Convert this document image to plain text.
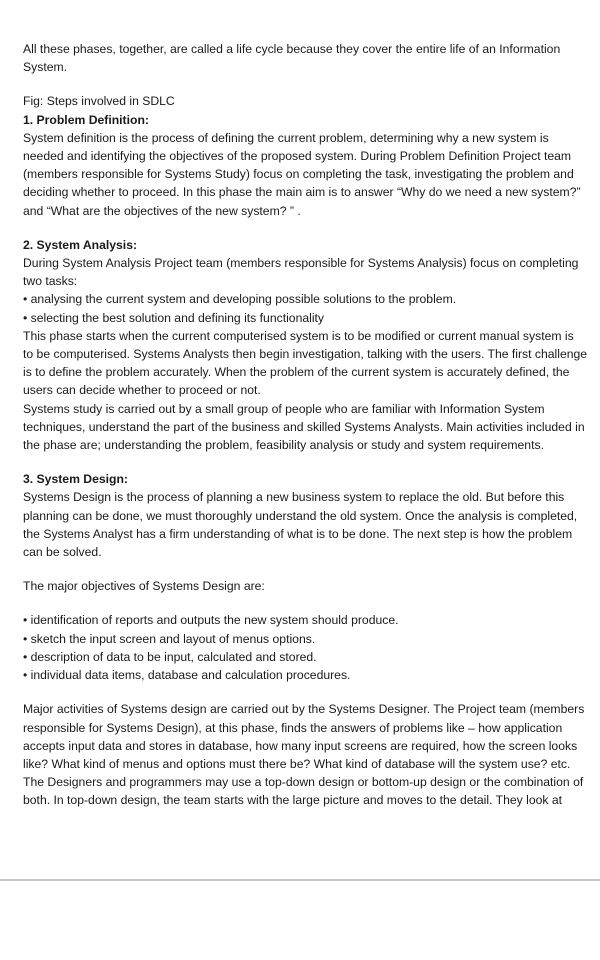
All these phases, together, are called a life cycle because they cover the entire life of an Information
System.
Fig: Steps involved in SDLC
1. Problem Definition:
System definition is the process of defining the current problem, determining why a new system is
needed and identifying the objectives of the proposed system. During Problem Definition Project team
(members responsible for Systems Study) focus on completing the task, investigating the problem and
deciding whether to proceed. In this phase the main aim is to answer “Why do we need a new system?”
and “What are the objectives of the new system? ” .
2. System Analysis:
During System Analysis Project team (members responsible for Systems Analysis) focus on completing
two tasks:
• analysing the current system and developing possible solutions to the problem.
• selecting the best solution and defining its functionality
This phase starts when the current computerised system is to be modified or current manual system is
to be computerised. Systems Analysts then begin investigation, talking with the users. The first challenge
is to define the problem accurately. When the problem of the current system is accurately defined, the
users can decide whether to proceed or not.
Systems study is carried out by a small group of people who are familiar with Information System
techniques, understand the part of the business and skilled Systems Analysts. Main activities included in
the phase are; understanding the problem, feasibility analysis or study and system requirements.
3. System Design:
Systems Design is the process of planning a new business system to replace the old. But before this
planning can be done, we must thoroughly understand the old system. Once the analysis is completed,
the Systems Analyst has a firm understanding of what is to be done. The next step is how the problem
can be solved.
The major objectives of Systems Design are:
• identification of reports and outputs the new system should produce.
• sketch the input screen and layout of menus options.
• description of data to be input, calculated and stored.
• individual data items, database and calculation procedures.
Major activities of Systems design are carried out by the Systems Designer. The Project team (members
responsible for Systems Design), at this phase, finds the answers of problems like – how application
accepts input data and stores in database, how many input screens are required, how the screen looks
like? What kind of menus and options must there be? What kind of database will the system use? etc.
The Designers and programmers may use a top-down design or bottom-up design or the combination of
both. In top-down design, the team starts with the large picture and moves to the detail. They look at
